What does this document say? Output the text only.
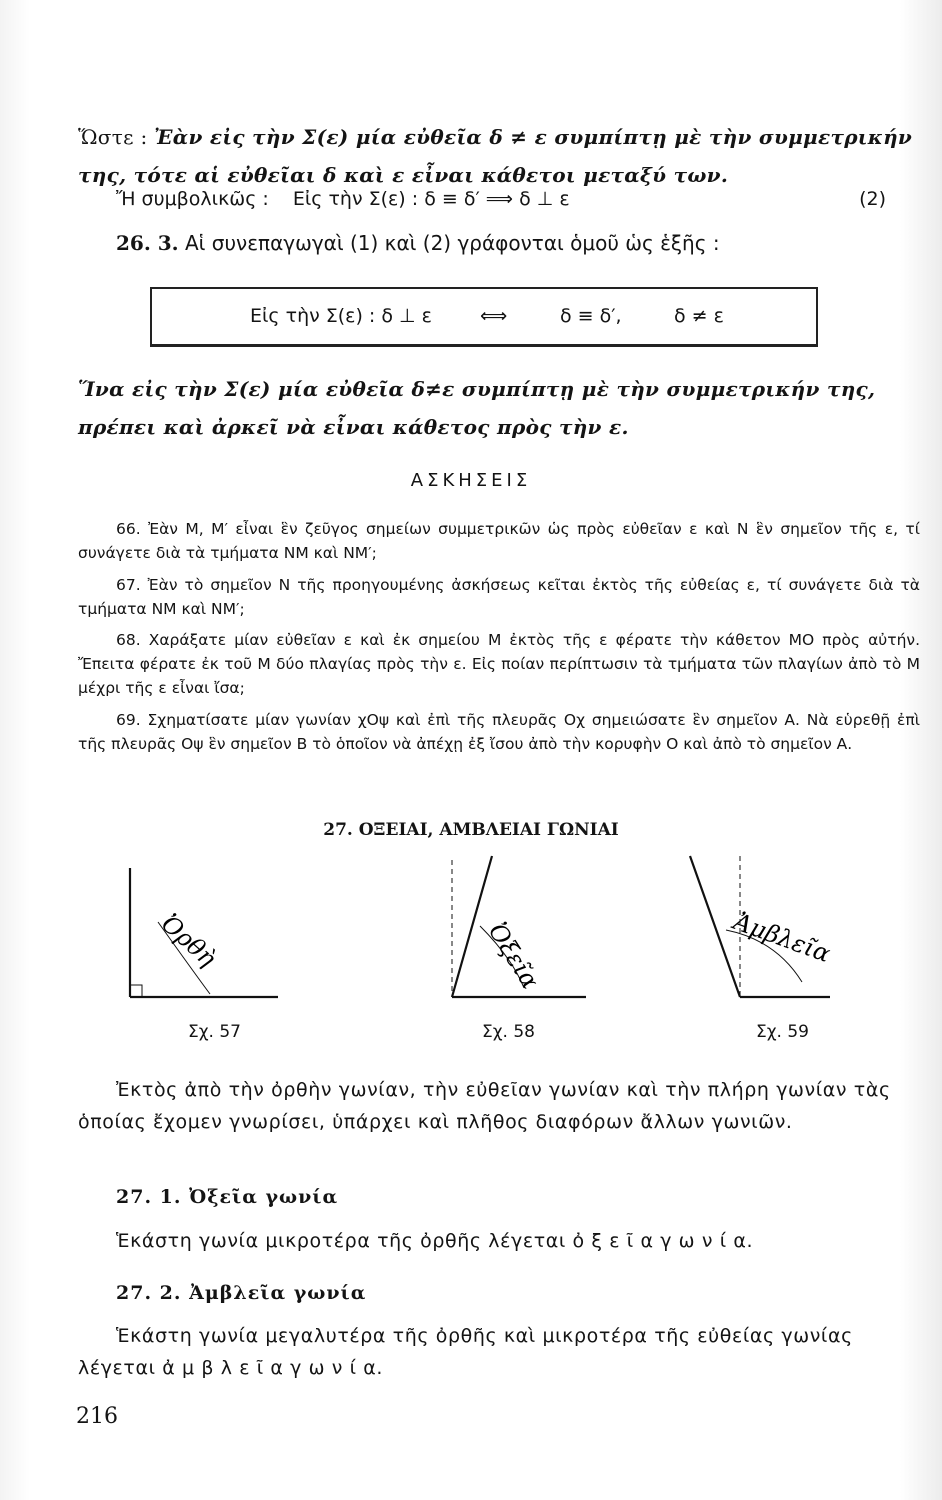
Ὥστε : Ἐὰν εἰς τὴν Σ(ε) μία εὐθεῖα δ ≠ ε συμπίπτῃ μὲ τὴν συμμετρικήν της, τότε αἱ εὐθεῖαι δ καὶ ε εἶναι κάθετοι μεταξύ των.
Ἤ συμβολικῶς : Εἰς τὴν Σ(ε) : δ ≡ δ′ ⟹ δ ⊥ ε	(2)
26. 3. Αἱ συνεπαγωγαὶ (1) καὶ (2) γράφονται ὁμοῦ ὡς ἑξῆς :
Εἰς τὴν Σ(ε) : δ ⊥ ε	⟺	δ ≡ δ′,	δ ≠ ε
Ἵνα εἰς τὴν Σ(ε) μία εὐθεῖα δ≠ε συμπίπτῃ μὲ τὴν συμμετρικήν της, πρέπει καὶ ἀρκεῖ νὰ εἶναι κάθετος πρὸς τὴν ε.
ΑΣΚΗΣΕΙΣ
66. Ἐὰν Μ, Μ′ εἶναι ἓν ζεῦγος σημείων συμμετρικῶν ὡς πρὸς εὐθεῖαν ε καὶ Ν ἓν σημεῖον τῆς ε, τί συνάγετε διὰ τὰ τμήματα ΝΜ καὶ ΝΜ′;
67. Ἐὰν τὸ σημεῖον Ν τῆς προηγουμένης ἀσκήσεως κεῖται ἐκτὸς τῆς εὐθείας ε, τί συνάγετε διὰ τὰ τμήματα ΝΜ καὶ ΝΜ′;
68. Χαράξατε μίαν εὐθεῖαν ε καὶ ἐκ σημείου Μ ἐκτὸς τῆς ε φέρατε τὴν κάθετον ΜΟ πρὸς αὐτήν. Ἔπειτα φέρατε ἐκ τοῦ Μ δύο πλαγίας πρὸς τὴν ε. Εἰς ποίαν περίπτωσιν τὰ τμήματα τῶν πλαγίων ἀπὸ τὸ Μ μέχρι τῆς ε εἶναι ἴσα;
69. Σχηματίσατε μίαν γωνίαν χΟψ καὶ ἐπὶ τῆς πλευρᾶς Οχ σημειώσατε ἓν σημεῖον Α. Νὰ εὑρεθῇ ἐπὶ τῆς πλευρᾶς Οψ ἓν σημεῖον Β τὸ ὁποῖον νὰ ἀπέχῃ ἐξ ἴσου ἀπὸ τὴν κορυφὴν Ο καὶ ἀπὸ τὸ σημεῖον Α.
27. ΟΞΕΙΑΙ, ΑΜΒΛΕΙΑΙ ΓΩΝΙΑΙ
Ὀρθὴ
Σχ. 57
Ὀξεῖα
Σχ. 58
Ἀμβλεῖα
Σχ. 59
Ἐκτὸς ἀπὸ τὴν ὀρθὴν γωνίαν, τὴν εὐθεῖαν γωνίαν καὶ τὴν πλήρη γωνίαν τὰς ὁποίας ἔχομεν γνωρίσει, ὑπάρχει καὶ πλῆθος διαφόρων ἄλλων γωνιῶν.
27. 1. Ὀξεῖα γωνία
Ἑκάστη γωνία μικροτέρα τῆς ὀρθῆς λέγεται ὀ ξ ε ῖ α γ ω ν ί α.
27. 2. Ἀμβλεῖα γωνία
Ἑκάστη γωνία μεγαλυτέρα τῆς ὀρθῆς καὶ μικροτέρα τῆς εὐθείας γωνίας λέγεται ἀ μ β λ ε ῖ α γ ω ν ί α.
216
